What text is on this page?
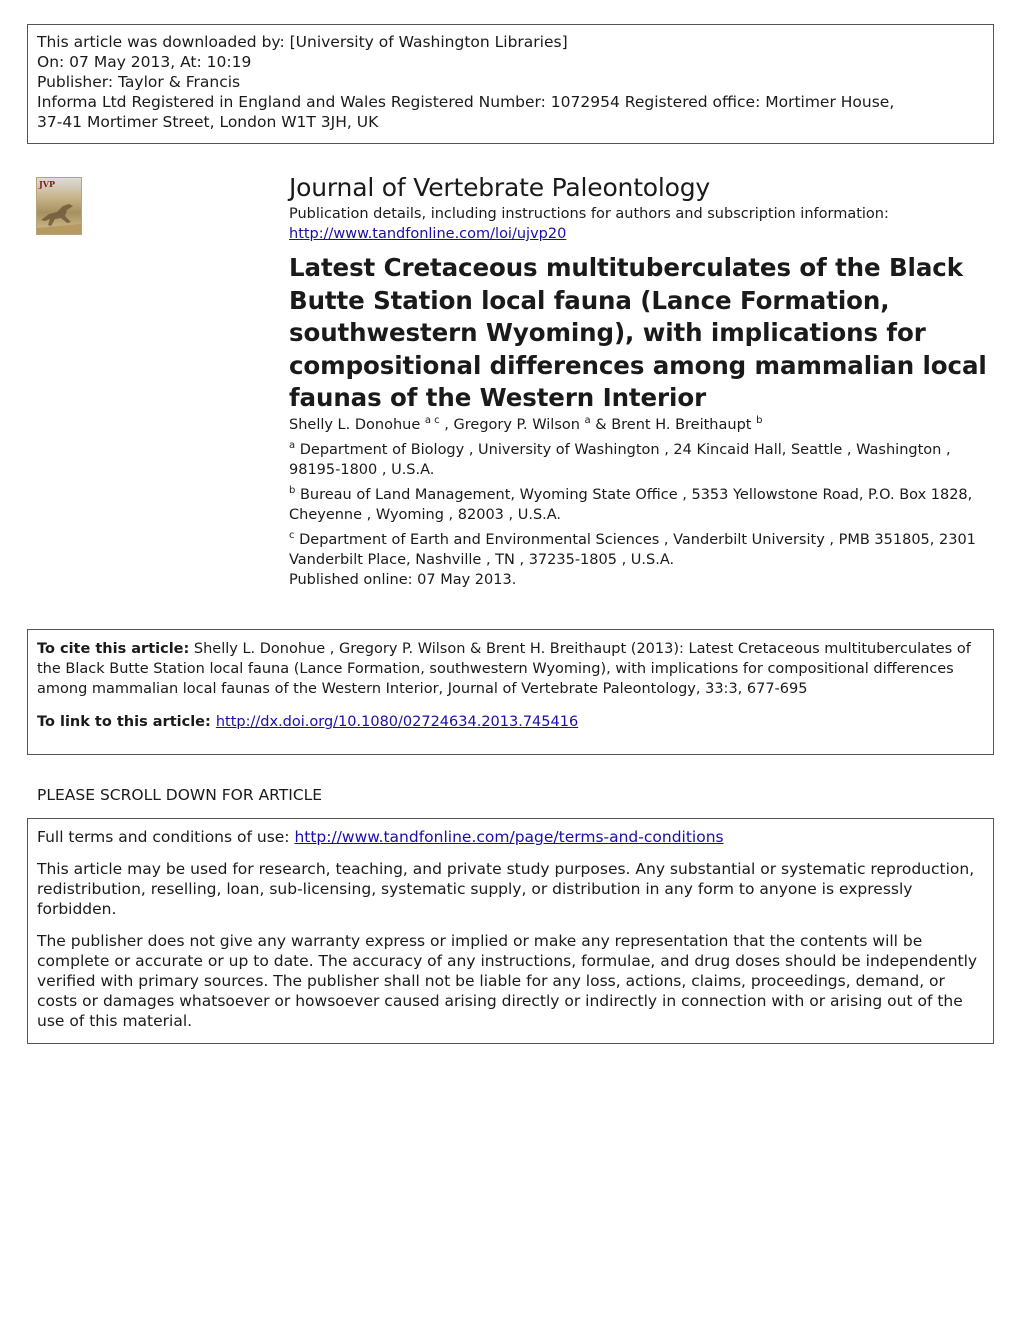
This article was downloaded by: [University of Washington Libraries]
On: 07 May 2013, At: 10:19
Publisher: Taylor & Francis
Informa Ltd Registered in England and Wales Registered Number: 1072954 Registered office: Mortimer House,
37-41 Mortimer Street, London W1T 3JH, UK
JVP	Journal of Vertebrate Paleontology

Publication details, including instructions for authors and subscription information:

http://www.tandfonline.com/loi/ujvp20

Latest Cretaceous multituberculates of the Black Butte Station local fauna (Lance Formation, southwestern Wyoming), with implications for compositional differences among mammalian local faunas of the Western Interior

Shelly L. Donohue $^{a c}$ , Gregory P. Wilson $^a$ & Brent H. Breithaupt $^b$

$^a$ Department of Biology , University of Washington , 24 Kincaid Hall, Seattle , Washington , 98195-1800 , U.S.A.

$^b$ Bureau of Land Management, Wyoming State Office , 5353 Yellowstone Road, P.O. Box 1828, Cheyenne , Wyoming , 82003 , U.S.A.

$^c$ Department of Earth and Environmental Sciences , Vanderbilt University , PMB 351805, 2301 Vanderbilt Place, Nashville , TN , 37235-1805 , U.S.A.

Published online: 07 May 2013.

To cite this article: Shelly L. Donohue , Gregory P. Wilson & Brent H. Breithaupt (2013): Latest Cretaceous multituberculates of the Black Butte Station local fauna (Lance Formation, southwestern Wyoming), with implications for compositional differences among mammalian local faunas of the Western Interior, Journal of Vertebrate Paleontology, 33:3, 677-695
To link to this article: http://dx.doi.org/10.1080/02724634.2013.745416
PLEASE SCROLL DOWN FOR ARTICLE

Full terms and conditions of use: http://www.tandfonline.com/page/terms-and-conditions

This article may be used for research, teaching, and private study purposes. Any substantial or systematic reproduction, redistribution, reselling, loan, sub-licensing, systematic supply, or distribution in any form to anyone is expressly forbidden.

The publisher does not give any warranty express or implied or make any representation that the contents will be complete or accurate or up to date. The accuracy of any instructions, formulae, and drug doses should be independently verified with primary sources. The publisher shall not be liable for any loss, actions, claims, proceedings, demand, or costs or damages whatsoever or howsoever caused arising directly or indirectly in connection with or arising out of the use of this material.
